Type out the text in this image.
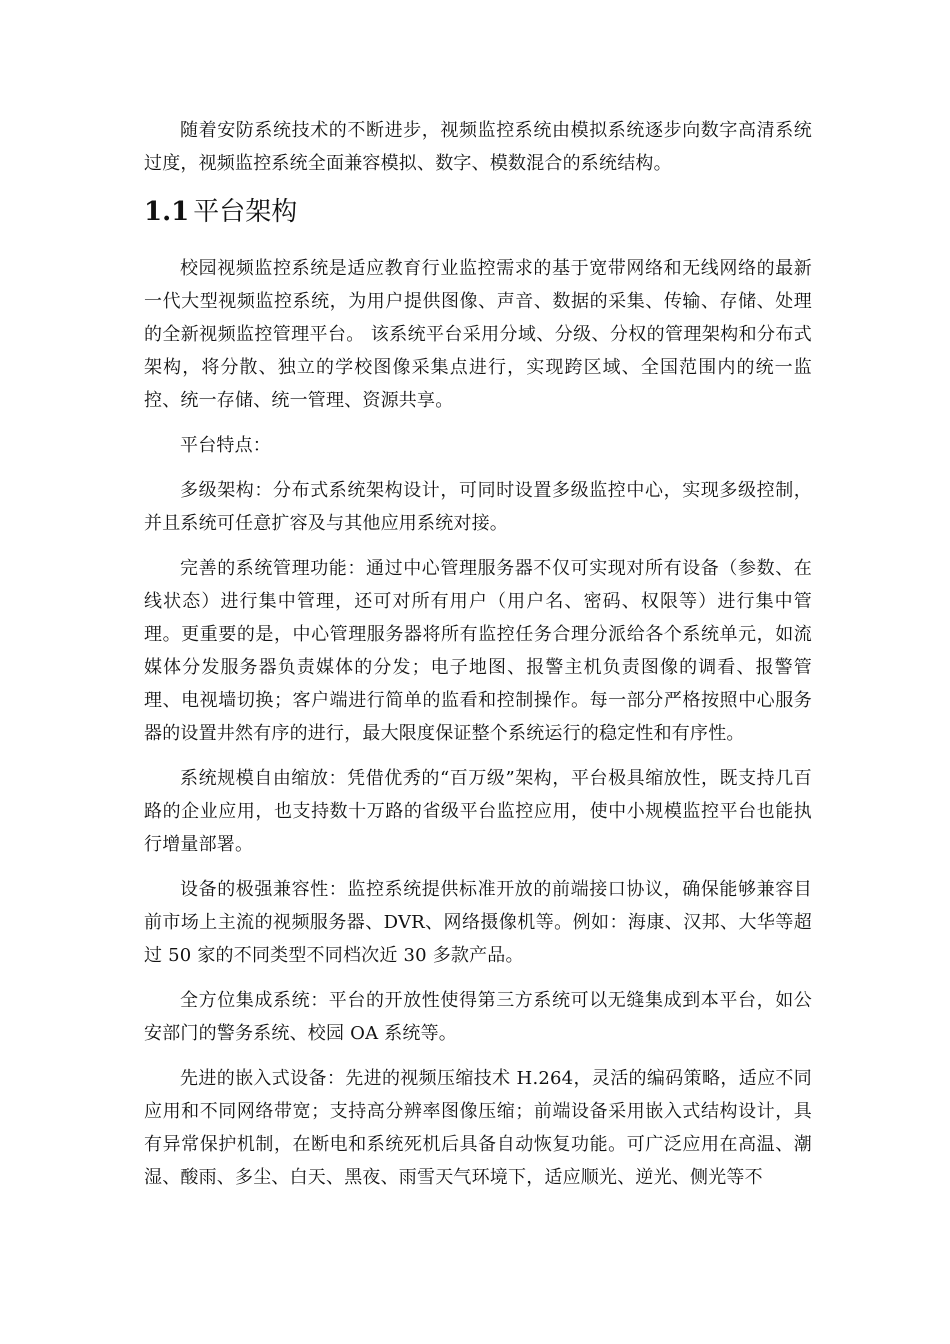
随着安防系统技术的不断进步，视频监控系统由模拟系统逐步向数字高清系统过度，视频监控系统全面兼容模拟、数字、模数混合的系统结构。

1.1 平台架构

校园视频监控系统是适应教育行业监控需求的基于宽带网络和无线网络的最新一代大型视频监控系统，为用户提供图像、声音、数据的采集、传输、存储、处理的全新视频监控管理平台。 该系统平台采用分域、分级、分权的管理架构和分布式架构，将分散、独立的学校图像采集点进行，实现跨区域、全国范围内的统一监控、统一存储、统一管理、资源共享。

平台特点：

多级架构：分布式系统架构设计，可同时设置多级监控中心，实现多级控制，并且系统可任意扩容及与其他应用系统对接。

完善的系统管理功能：通过中心管理服务器不仅可实现对所有设备（参数、在线状态）进行集中管理，还可对所有用户（用户名、密码、权限等）进行集中管理。更重要的是，中心管理服务器将所有监控任务合理分派给各个系统单元，如流媒体分发服务器负责媒体的分发；电子地图、报警主机负责图像的调看、报警管理、电视墙切换；客户端进行简单的监看和控制操作。每一部分严格按照中心服务器的设置井然有序的进行，最大限度保证整个系统运行的稳定性和有序性。

系统规模自由缩放：凭借优秀的“百万级”架构，平台极具缩放性，既支持几百路的企业应用，也支持数十万路的省级平台监控应用，使中小规模监控平台也能执行增量部署。

设备的极强兼容性：监控系统提供标准开放的前端接口协议，确保能够兼容目前市场上主流的视频服务器、DVR、网络摄像机等。例如：海康、汉邦、大华等超过 50 家的不同类型不同档次近 30 多款产品。

全方位集成系统：平台的开放性使得第三方系统可以无缝集成到本平台，如公安部门的警务系统、校园 OA 系统等。

先进的嵌入式设备：先进的视频压缩技术 H.264，灵活的编码策略，适应不同应用和不同网络带宽；支持高分辨率图像压缩；前端设备采用嵌入式结构设计，具有异常保护机制，在断电和系统死机后具备自动恢复功能。可广泛应用在高温、潮湿、酸雨、多尘、白天、黑夜、雨雪天气环境下，适应顺光、逆光、侧光等不
